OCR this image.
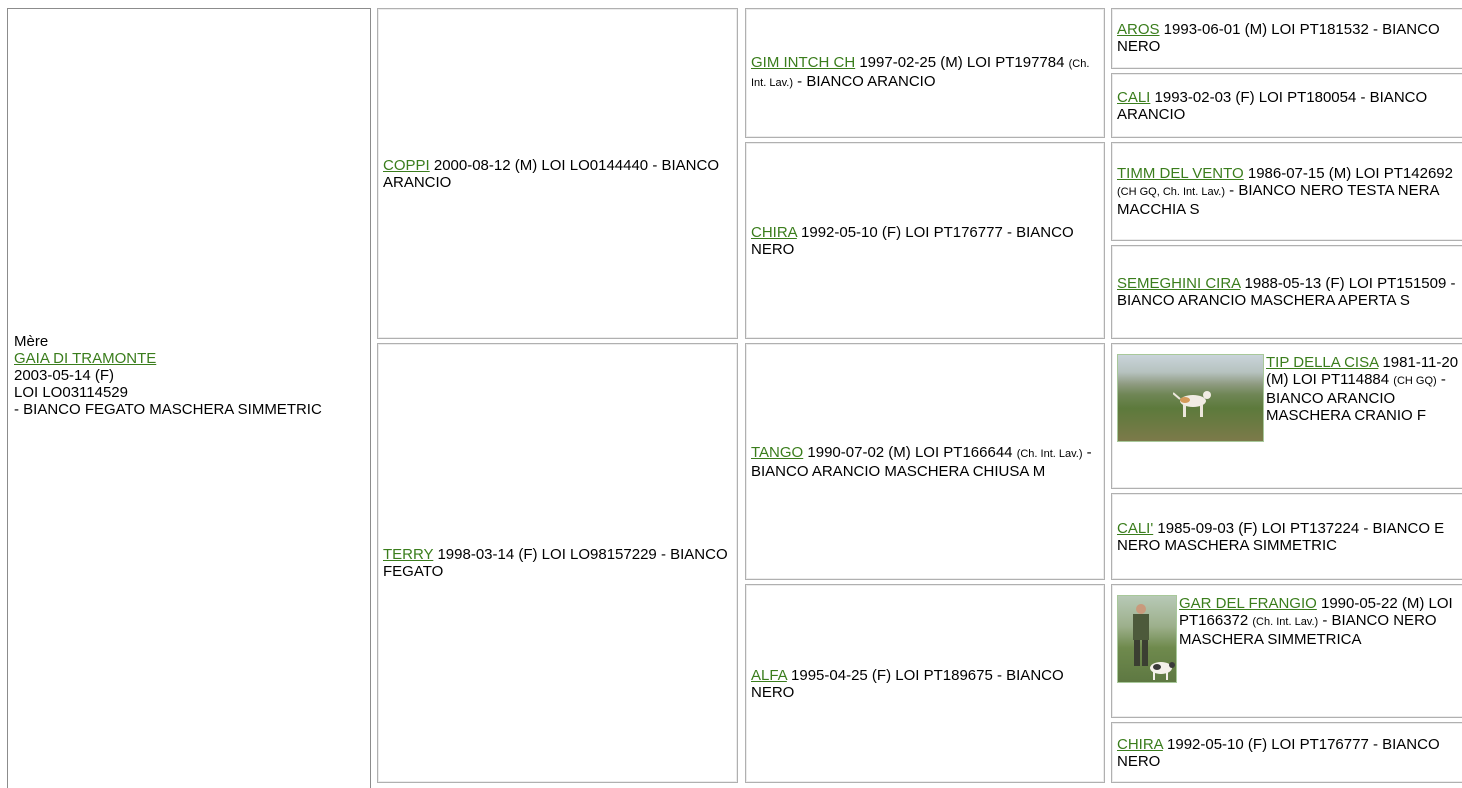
Mère
GAIA DI TRAMONTE
2003-05-14 (F)
LOI LO03114529
- BIANCO FEGATO MASCHERA SIMMETRIC
COPPI 2000-08-12 (M) LOI LO0144440 - BIANCO ARANCIO
TERRY 1998-03-14 (F) LOI LO98157229 - BIANCO FEGATO
GIM INTCH CH 1997-02-25 (M) LOI PT197784 (Ch. Int. Lav.) - BIANCO ARANCIO
CHIRA 1992-05-10 (F) LOI PT176777 - BIANCO NERO
TANGO 1990-07-02 (M) LOI PT166644 (Ch. Int. Lav.) - BIANCO ARANCIO MASCHERA CHIUSA M
ALFA 1995-04-25 (F) LOI PT189675 - BIANCO NERO
AROS 1993-06-01 (M) LOI PT181532 - BIANCO NERO
CALI 1993-02-03 (F) LOI PT180054 - BIANCO ARANCIO
TIMM DEL VENTO 1986-07-15 (M) LOI PT142692 (CH GQ, Ch. Int. Lav.) - BIANCO NERO TESTA NERA MACCHIA S
SEMEGHINI CIRA 1988-05-13 (F) LOI PT151509 - BIANCO ARANCIO MASCHERA APERTA S
TIP DELLA CISA 1981-11-20 (M) LOI PT114884 (CH GQ) - BIANCO ARANCIO MASCHERA CRANIO F
CALI' 1985-09-03 (F) LOI PT137224 - BIANCO E NERO MASCHERA SIMMETRIC
GAR DEL FRANGIO 1990-05-22 (M) LOI PT166372 (Ch. Int. Lav.) - BIANCO NERO MASCHERA SIMMETRICA
CHIRA 1992-05-10 (F) LOI PT176777 - BIANCO NERO
